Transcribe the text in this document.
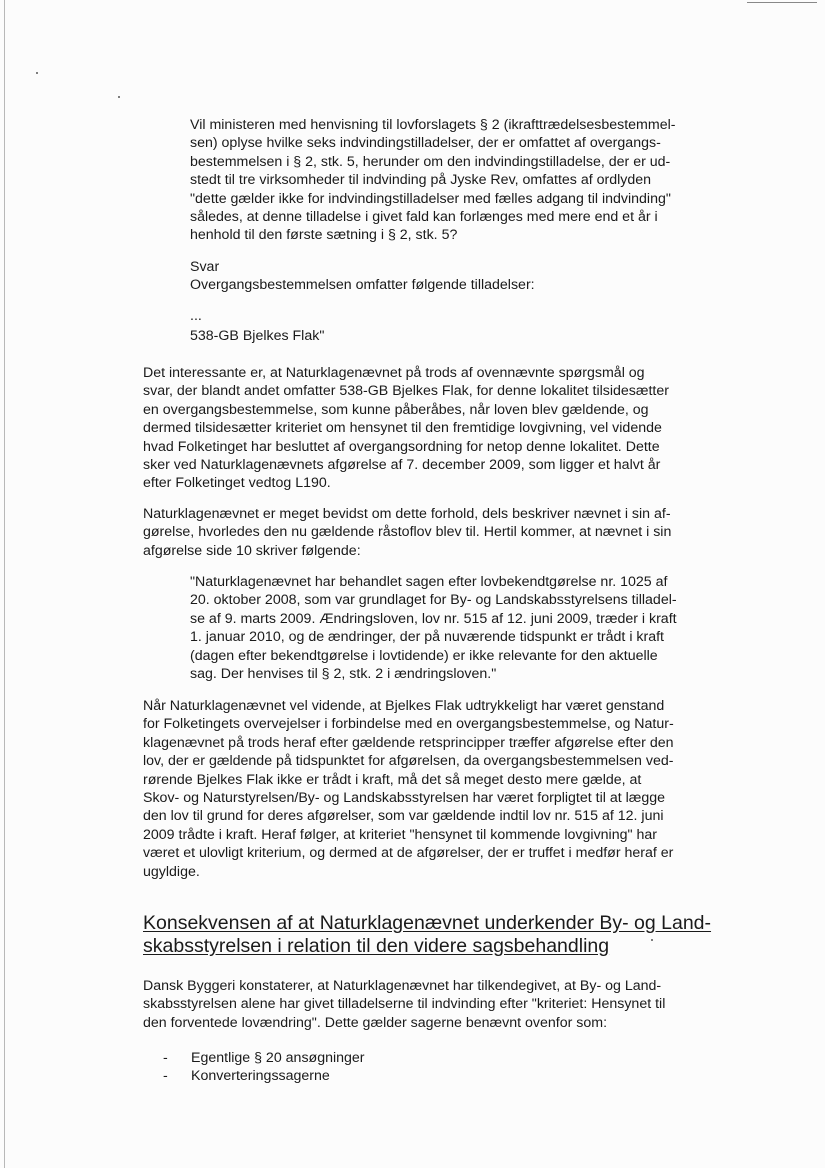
Vil ministeren med henvisning til lovforslagets § 2 (ikrafttrædelsesbestemmel-

sen) oplyse hvilke seks indvindingstilladelser, der er omfattet af overgangs-

bestemmelsen i § 2, stk. 5, herunder om den indvindingstilladelse, der er ud-

stedt til tre virksomheder til indvinding på Jyske Rev, omfattes af ordlyden

"dette gælder ikke for indvindingstilladelser med fælles adgang til indvinding"

således, at denne tilladelse i givet fald kan forlænges med mere end et år i

henhold til den første sætning i § 2, stk. 5?

Svar

Overgangsbestemmelsen omfatter følgende tilladelser:

...

538-GB Bjelkes Flak"

Det interessante er, at Naturklagenævnet på trods af ovennævnte spørgsmål og

svar, der blandt andet omfatter 538-GB Bjelkes Flak, for denne lokalitet tilsidesætter

en overgangsbestemmelse, som kunne påberåbes, når loven blev gældende, og

dermed tilsidesætter kriteriet om hensynet til den fremtidige lovgivning, vel vidende

hvad Folketinget har besluttet af overgangsordning for netop denne lokalitet. Dette

sker ved Naturklagenævnets afgørelse af 7. december 2009, som ligger et halvt år

efter Folketinget vedtog L190.

Naturklagenævnet er meget bevidst om dette forhold, dels beskriver nævnet i sin af-

gørelse, hvorledes den nu gældende råstoflov blev til. Hertil kommer, at nævnet i sin

afgørelse side 10 skriver følgende:

"Naturklagenævnet har behandlet sagen efter lovbekendtgørelse nr. 1025 af

20. oktober 2008, som var grundlaget for By- og Landskabsstyrelsens tilladel-

se af 9. marts 2009. Ændringsloven, lov nr. 515 af 12. juni 2009, træder i kraft

1. januar 2010, og de ændringer, der på nuværende tidspunkt er trådt i kraft

(dagen efter bekendtgørelse i lovtidende) er ikke relevante for den aktuelle

sag. Der henvises til § 2, stk. 2 i ændringsloven."

Når Naturklagenævnet vel vidende, at Bjelkes Flak udtrykkeligt har været genstand

for Folketingets overvejelser i forbindelse med en overgangsbestemmelse, og Natur-

klagenævnet på trods heraf efter gældende retsprincipper træffer afgørelse efter den

lov, der er gældende på tidspunktet for afgørelsen, da overgangsbestemmelsen ved-

rørende Bjelkes Flak ikke er trådt i kraft, må det så meget desto mere gælde, at

Skov- og Naturstyrelsen/By- og Landskabsstyrelsen har været forpligtet til at lægge

den lov til grund for deres afgørelser, som var gældende indtil lov nr. 515 af 12. juni

2009 trådte i kraft. Heraf følger, at kriteriet "hensynet til kommende lovgivning" har

været et ulovligt kriterium, og dermed at de afgørelser, der er truffet i medfør heraf er

ugyldige.

Konsekvensen af at Naturklagenævnet underkender By- og Land-
skabsstyrelsen i relation til den videre sagsbehandling

Dansk Byggeri konstaterer, at Naturklagenævnet har tilkendegivet, at By- og Land-

skabsstyrelsen alene har givet tilladelserne til indvinding efter "kriteriet: Hensynet til

den forventede lovændring". Dette gælder sagerne benævnt ovenfor som:

-	Egentlige § 20 ansøgninger
-	Konverteringssagerne
